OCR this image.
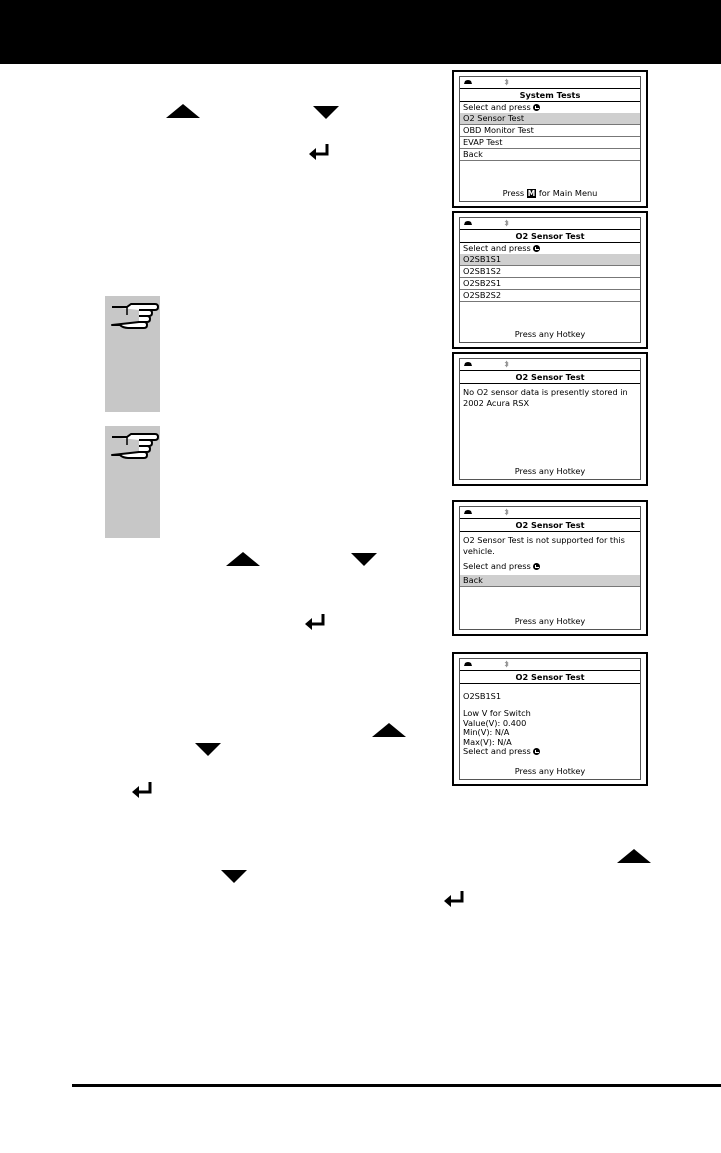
System Tests
Select and press
O2 Sensor Test
OBD Monitor Test
EVAP Test
Back
Press M for Main Menu
O2 Sensor Test
Select and press
O2SB1S1
O2SB1S2
O2SB2S1
O2SB2S2
Press any Hotkey
O2 Sensor Test
No O2 sensor data is presently stored in 2002 Acura RSX
Press any Hotkey
O2 Sensor Test
O2 Sensor Test is not supported for this vehicle.
Select and press
Back
Press any Hotkey
O2 Sensor Test
O2SB1S1
Low V for Switch
Value(V): 0.400
Min(V): N/A
Max(V): N/A
Select and press
Press any Hotkey
